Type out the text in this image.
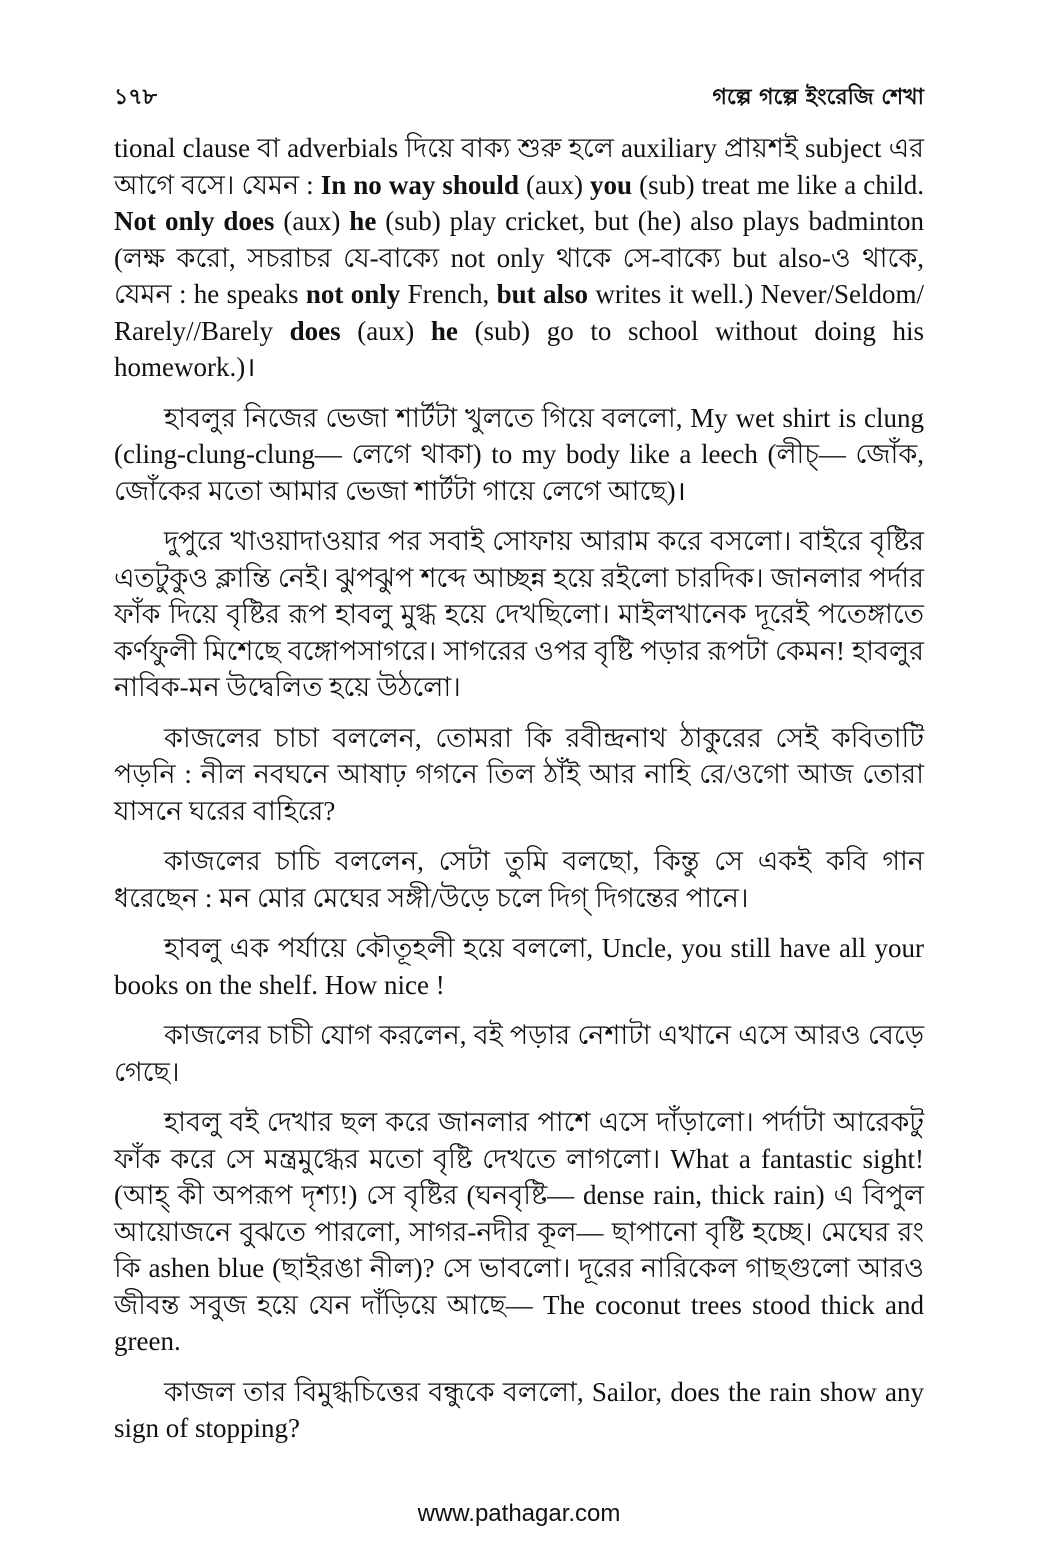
১৭৮	গল্পে গল্পে ইংরেজি শেখা

tional clause বা adverbials দিয়ে বাক্য শুরু হলে auxiliary প্রায়শই subject এর আগে বসে। যেমন : In no way should (aux) you (sub) treat me like a child. Not only does (aux) he (sub) play cricket, but (he) also plays badminton (লক্ষ করো, সচরাচর যে-বাক্যে not only থাকে সে-বাক্যে but also-ও থাকে, যেমন : he speaks not only French, but also writes it well.) Never/Seldom/ Rarely//Barely does (aux) he (sub) go to school without doing his homework.)।

হাবলুর নিজের ভেজা শার্টটা খুলতে গিয়ে বললো, My wet shirt is clung (cling-clung-clung— লেগে থাকা) to my body like a leech (লীচ্— জোঁক, জোঁকের মতো আমার ভেজা শার্টটা গায়ে লেগে আছে)।

দুপুরে খাওয়াদাওয়ার পর সবাই সোফায় আরাম করে বসলো। বাইরে বৃষ্টির এতটুকুও ক্লান্তি নেই। ঝুপঝুপ শব্দে আচ্ছন্ন হয়ে রইলো চারদিক। জানলার পর্দার ফাঁক দিয়ে বৃষ্টির রূপ হাবলু মুগ্ধ হয়ে দেখছিলো। মাইলখানেক দূরেই পতেঙ্গাতে কর্ণফুলী মিশেছে বঙ্গোপসাগরে। সাগরের ওপর বৃষ্টি পড়ার রূপটা কেমন! হাবলুর নাবিক-মন উদ্বেলিত হয়ে উঠলো।

কাজলের চাচা বললেন, তোমরা কি রবীন্দ্রনাথ ঠাকুরের সেই কবিতাটি পড়নি : নীল নবঘনে আষাঢ় গগনে তিল ঠাঁই আর নাহি রে/ওগো আজ তোরা যাসনে ঘরের বাহিরে?

কাজলের চাচি বললেন, সেটা তুমি বলছো, কিন্তু সে একই কবি গান ধরেছেন : মন মোর মেঘের সঙ্গী/উড়ে চলে দিগ্ দিগন্তের পানে।

হাবলু এক পর্যায়ে কৌতূহলী হয়ে বললো, Uncle, you still have all your books on the shelf. How nice !

কাজলের চাচী যোগ করলেন, বই পড়ার নেশাটা এখানে এসে আরও বেড়ে গেছে।

হাবলু বই দেখার ছল করে জানলার পাশে এসে দাঁড়ালো। পর্দাটা আরেকটু ফাঁক করে সে মন্ত্রমুগ্ধের মতো বৃষ্টি দেখতে লাগলো। What a fantastic sight! (আহ্ কী অপরূপ দৃশ্য!) সে বৃষ্টির (ঘনবৃষ্টি— dense rain, thick rain) এ বিপুল আয়োজনে বুঝতে পারলো, সাগর-নদীর কূল— ছাপানো বৃষ্টি হচ্ছে। মেঘের রং কি ashen blue (ছাইরঙা নীল)? সে ভাবলো। দূরের নারিকেল গাছগুলো আরও জীবন্ত সবুজ হয়ে যেন দাঁড়িয়ে আছে— The coconut trees stood thick and green.

কাজল তার বিমুগ্ধচিত্তের বন্ধুকে বললো, Sailor, does the rain show any sign of stopping?

www.pathagar.com
